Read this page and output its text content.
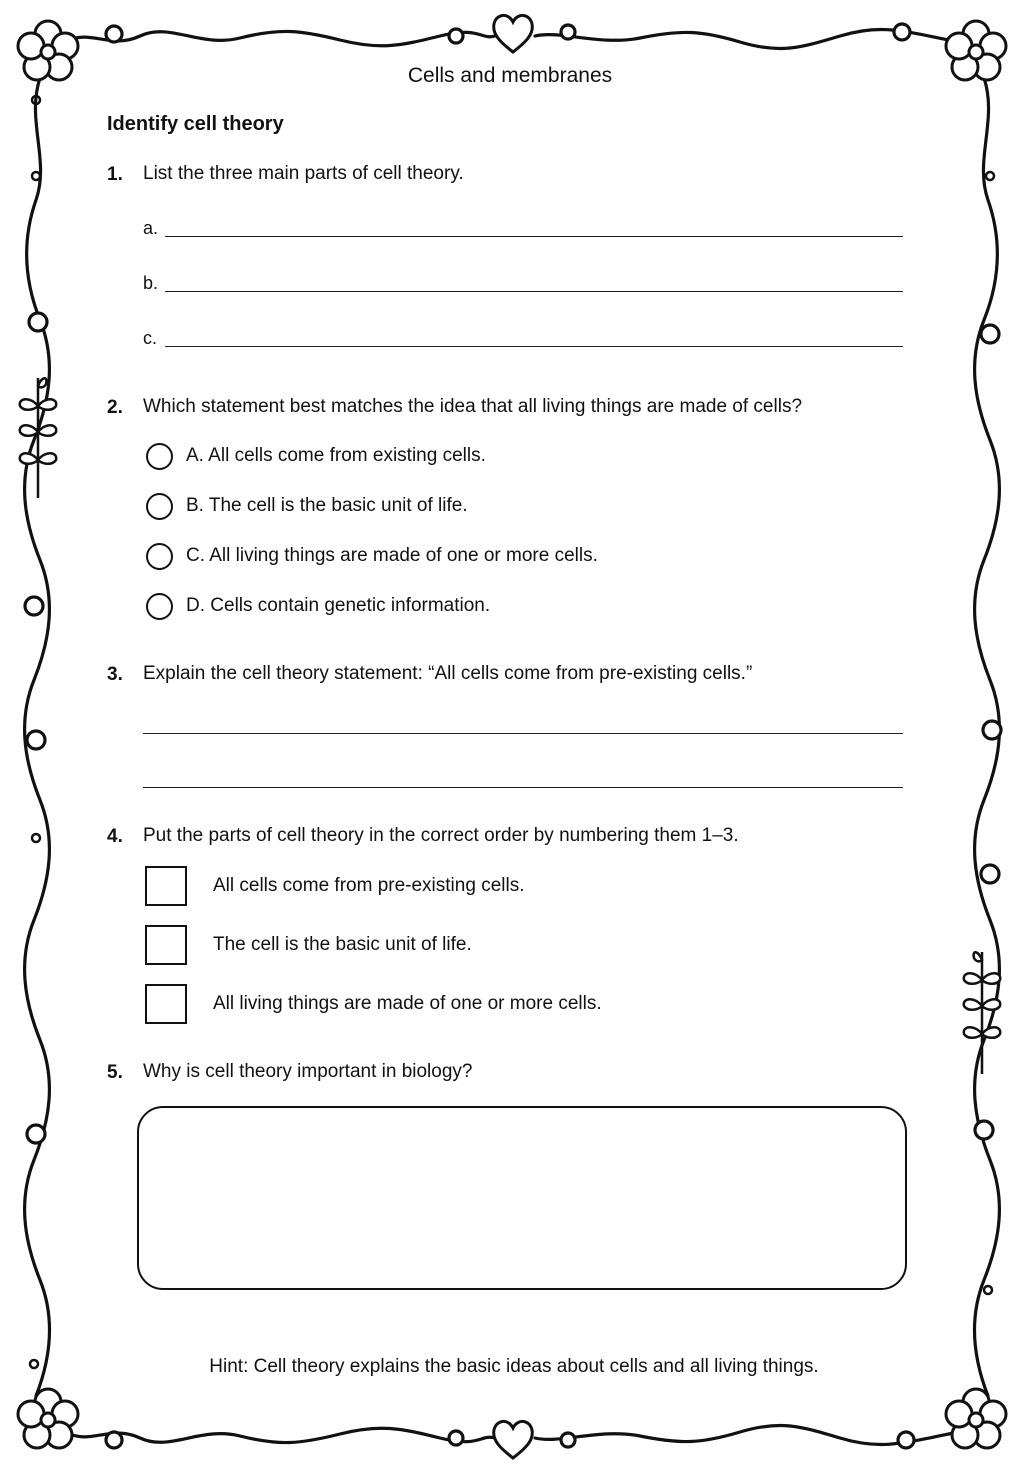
Cells and membranes
Identify cell theory
1. List the three main parts of cell theory.
a.
b.
c.
2. Which statement best matches the idea that all living things are made of cells?
A. All cells come from existing cells.
B. The cell is the basic unit of life.
C. All living things are made of one or more cells.
D. Cells contain genetic information.
3. Explain the cell theory statement: “All cells come from pre-existing cells.”
4. Put the parts of cell theory in the correct order by numbering them 1–3.
All cells come from pre-existing cells.
The cell is the basic unit of life.
All living things are made of one or more cells.
5. Why is cell theory important in biology?
Hint: Cell theory explains the basic ideas about cells and all living things.
